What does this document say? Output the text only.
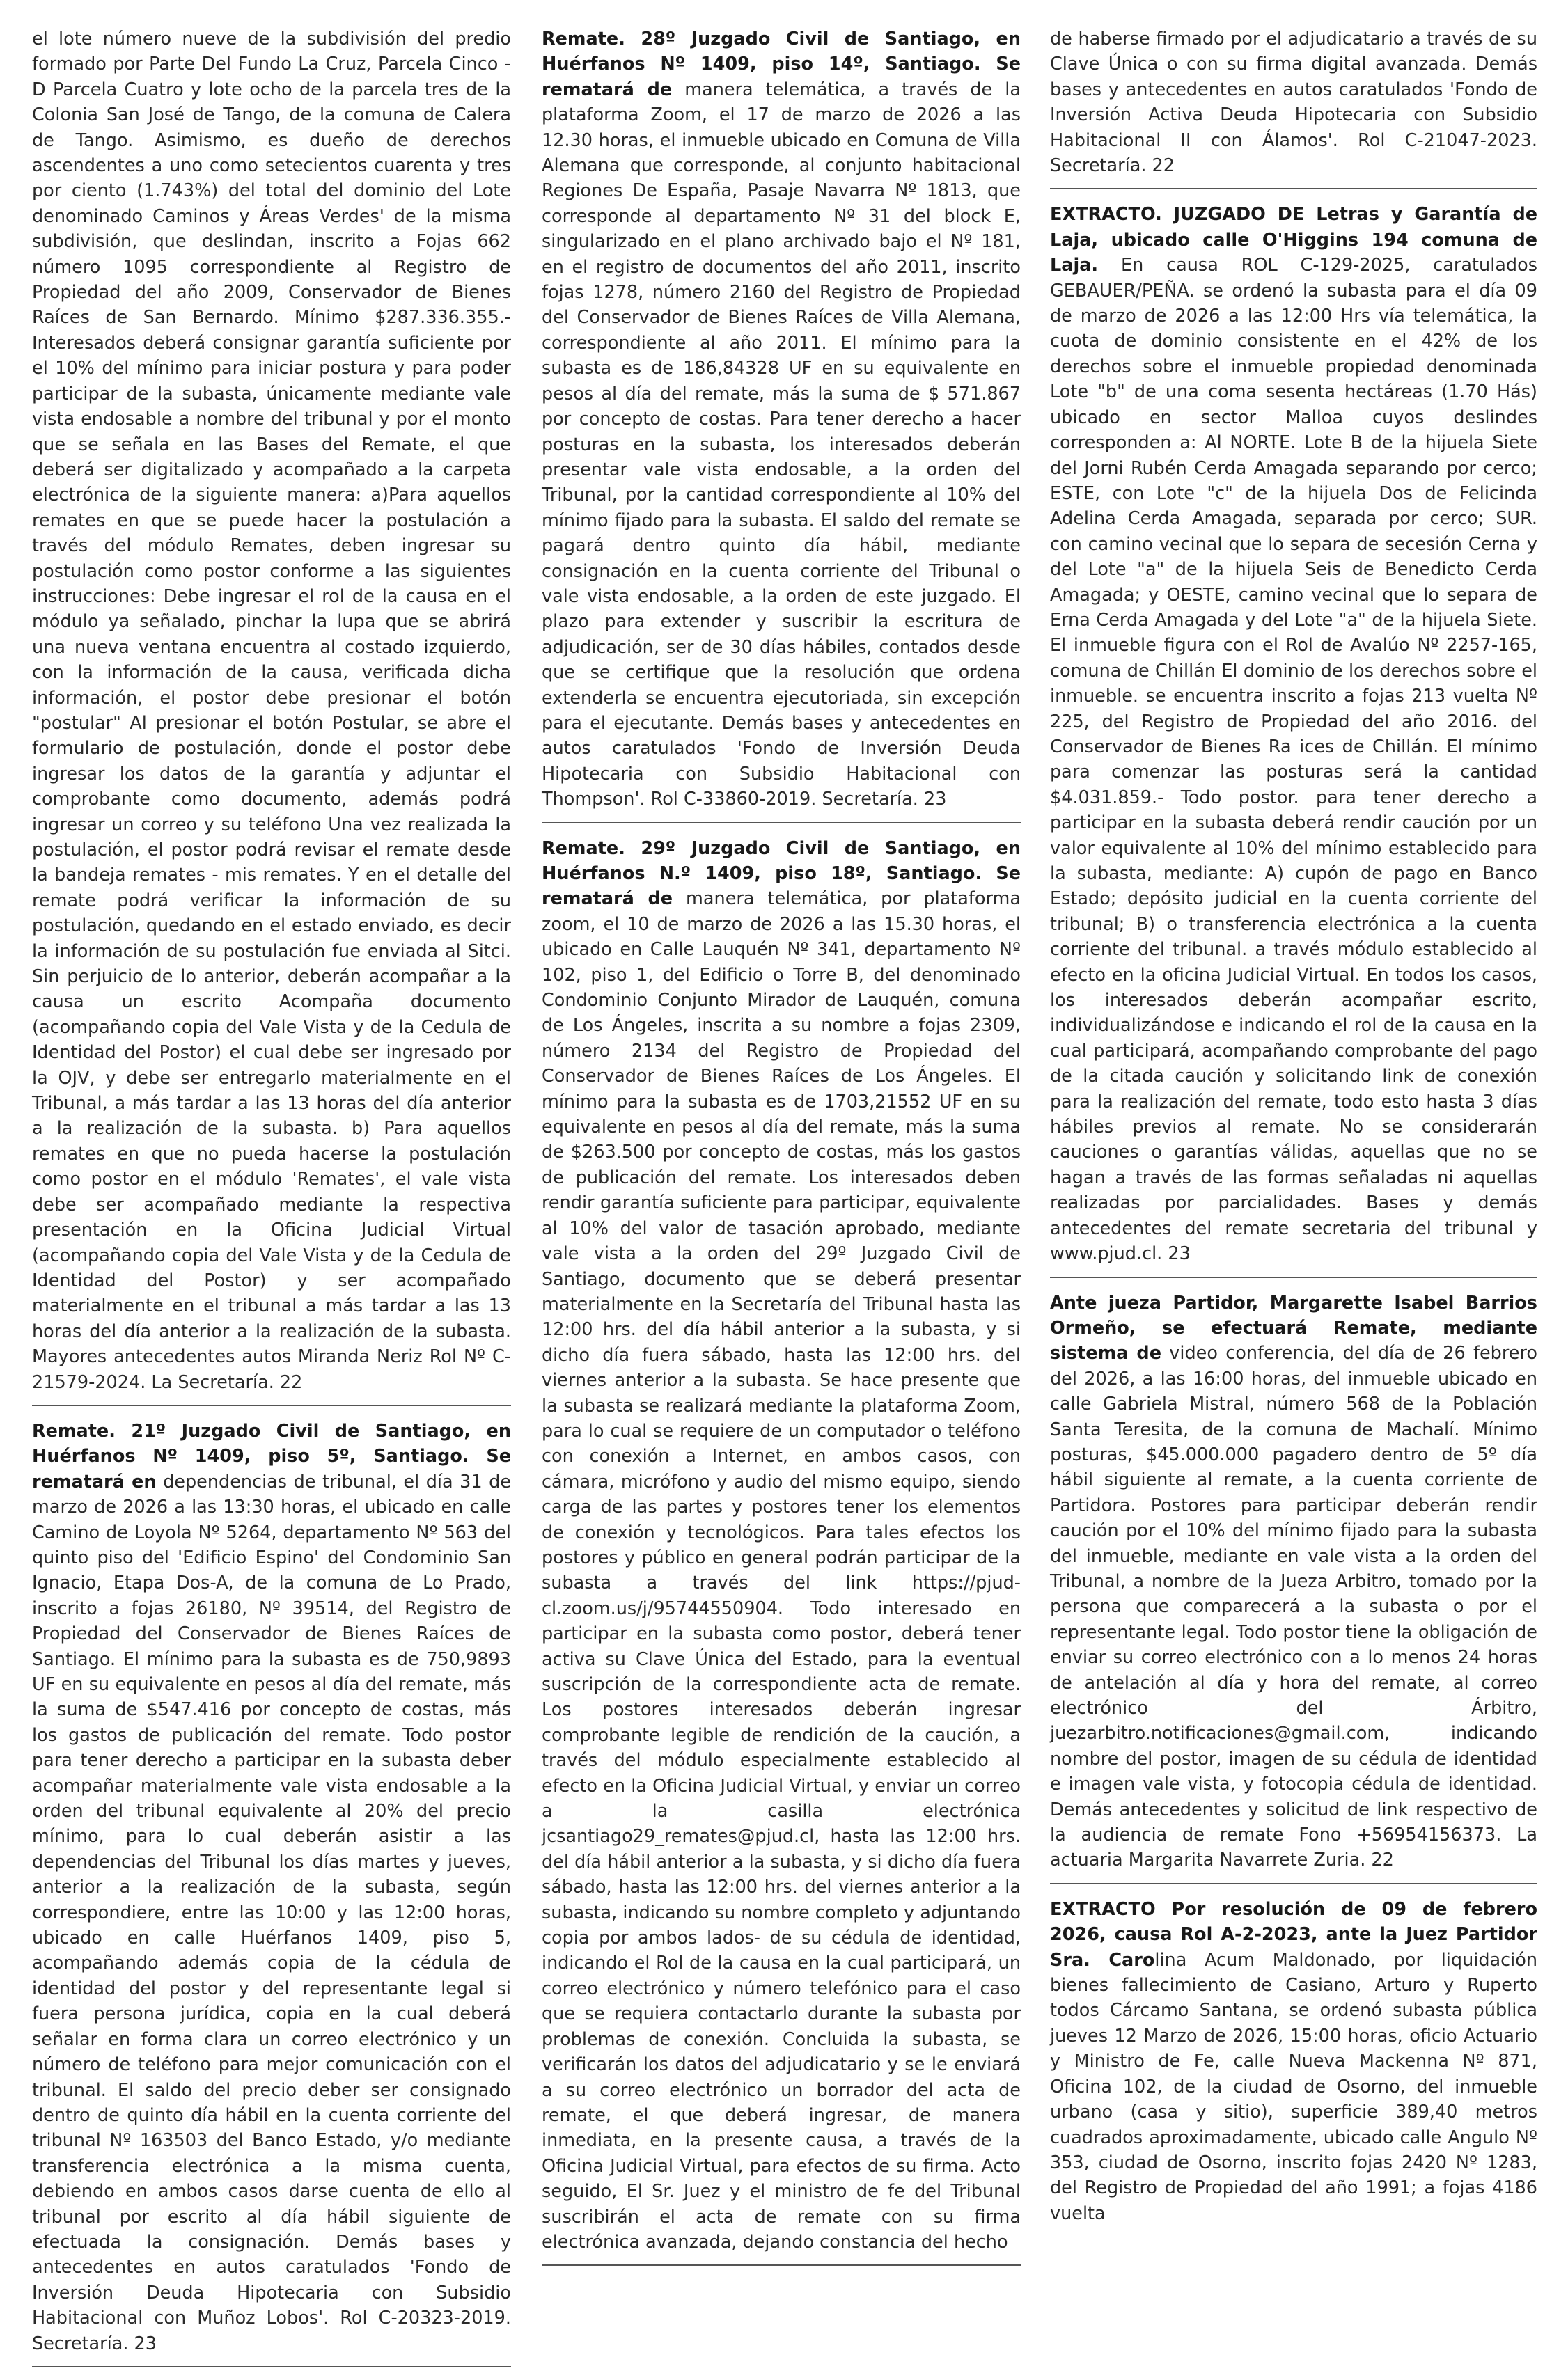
el lote número nueve de la subdivisión del predio formado por Parte Del Fundo La Cruz, Parcela Cinco -D Parcela Cuatro y lote ocho de la parcela tres de la Colonia San José de Tango, de la comuna de Calera de Tango. Asimismo, es dueño de derechos ascendentes a uno como setecientos cuarenta y tres por ciento (1.743%) del total del dominio del Lote denominado Caminos y Áreas Verdes' de la misma subdivisión, que deslindan, inscrito a Fojas 662 número 1095 correspondiente al Registro de Propiedad del año 2009, Conservador de Bienes Raíces de San Bernardo. Mínimo $287.336.355.- Interesados deberá consignar garantía suficiente por el 10% del mínimo para iniciar postura y para poder participar de la subasta, únicamente mediante vale vista endosable a nombre del tribunal y por el monto que se señala en las Bases del Remate, el que deberá ser digitalizado y acompañado a la carpeta electrónica de la siguiente manera: a)Para aquellos remates en que se puede hacer la postulación a través del módulo Remates, deben ingresar su postulación como postor conforme a las siguientes instrucciones: Debe ingresar el rol de la causa en el módulo ya señalado, pinchar la lupa que se abrirá una nueva ventana encuentra al costado izquierdo, con la información de la causa, verificada dicha información, el postor debe presionar el botón "postular" Al presionar el botón Postular, se abre el formulario de postulación, donde el postor debe ingresar los datos de la garantía y adjuntar el comprobante como documento, además podrá ingresar un correo y su teléfono Una vez realizada la postulación, el postor podrá revisar el remate desde la bandeja remates - mis remates. Y en el detalle del remate podrá verificar la información de su postulación, quedando en el estado enviado, es decir la información de su postulación fue enviada al Sitci. Sin perjuicio de lo anterior, deberán acompañar a la causa un escrito Acompaña documento (acompañando copia del Vale Vista y de la Cedula de Identidad del Postor) el cual debe ser ingresado por la OJV, y debe ser entregarlo materialmente en el Tribunal, a más tardar a las 13 horas del día anterior a la realización de la subasta. b) Para aquellos remates en que no pueda hacerse la postulación como postor en el módulo 'Remates', el vale vista debe ser acompañado mediante la respectiva presentación en la Oficina Judicial Virtual (acompañando copia del Vale Vista y de la Cedula de Identidad del Postor) y ser acompañado materialmente en el tribunal a más tardar a las 13 horas del día anterior a la realización de la subasta. Mayores antecedentes autos Miranda Neriz Rol Nº C-21579-2024. La Secretaría. 22

Remate. 21º Juzgado Civil de Santiago, en Huérfanos Nº 1409, piso 5º, Santiago. Se rematará en dependencias de tribunal, el día 31 de marzo de 2026 a las 13:30 horas, el ubicado en calle Camino de Loyola Nº 5264, departamento Nº 563 del quinto piso del 'Edificio Espino' del Condominio San Ignacio, Etapa Dos-A, de la comuna de Lo Prado, inscrito a fojas 26180, Nº 39514, del Registro de Propiedad del Conservador de Bienes Raíces de Santiago. El mínimo para la subasta es de 750,9893 UF en su equivalente en pesos al día del remate, más la suma de $547.416 por concepto de costas, más los gastos de publicación del remate. Todo postor para tener derecho a participar en la subasta deber acompañar materialmente vale vista endosable a la orden del tribunal equivalente al 20% del precio mínimo, para lo cual deberán asistir a las dependencias del Tribunal los días martes y jueves, anterior a la realización de la subasta, según correspondiere, entre las 10:00 y las 12:00 horas, ubicado en calle Huérfanos 1409, piso 5, acompañando además copia de la cédula de identidad del postor y del representante legal si fuera persona jurídica, copia en la cual deberá señalar en forma clara un correo electrónico y un número de teléfono para mejor comunicación con el tribunal. El saldo del precio deber ser consignado dentro de quinto día hábil en la cuenta corriente del tribunal Nº 163503 del Banco Estado, y/o mediante transferencia electrónica a la misma cuenta, debiendo en ambos casos darse cuenta de ello al tribunal por escrito al día hábil siguiente de efectuada la consignación. Demás bases y antecedentes en autos caratulados 'Fondo de Inversión Deuda Hipotecaria con Subsidio Habitacional con Muñoz Lobos'. Rol C-20323-2019. Secretaría. 23

Remate. 28º Juzgado Civil de Santiago, en Huérfanos Nº 1409, piso 14º, Santiago. Se rematará de manera telemática, a través de la plataforma Zoom, el 17 de marzo de 2026 a las 12.30 horas, el inmueble ubicado en Comuna de Villa Alemana que corresponde, al conjunto habitacional Regiones De España, Pasaje Navarra Nº 1813, que corresponde al departamento Nº 31 del block E, singularizado en el plano archivado bajo el Nº 181, en el registro de documentos del año 2011, inscrito fojas 1278, número 2160 del Registro de Propiedad del Conservador de Bienes Raíces de Villa Alemana, correspondiente al año 2011. El mínimo para la subasta es de 186,84328 UF en su equivalente en pesos al día del remate, más la suma de $ 571.867 por concepto de costas. Para tener derecho a hacer posturas en la subasta, los interesados deberán presentar vale vista endosable, a la orden del Tribunal, por la cantidad correspondiente al 10% del mínimo fijado para la subasta. El saldo del remate se pagará dentro quinto día hábil, mediante consignación en la cuenta corriente del Tribunal o vale vista endosable, a la orden de este juzgado. El plazo para extender y suscribir la escritura de adjudicación, ser de 30 días hábiles, contados desde que se certifique que la resolución que ordena extenderla se encuentra ejecutoriada, sin excepción para el ejecutante. Demás bases y antecedentes en autos caratulados 'Fondo de Inversión Deuda Hipotecaria con Subsidio Habitacional con Thompson'. Rol C-33860-2019. Secretaría. 23

Remate. 29º Juzgado Civil de Santiago, en Huérfanos N.º 1409, piso 18º, Santiago. Se rematará de manera telemática, por plataforma zoom, el 10 de marzo de 2026 a las 15.30 horas, el ubicado en Calle Lauquén Nº 341, departamento Nº 102, piso 1, del Edificio o Torre B, del denominado Condominio Conjunto Mirador de Lauquén, comuna de Los Ángeles, inscrita a su nombre a fojas 2309, número 2134 del Registro de Propiedad del Conservador de Bienes Raíces de Los Ángeles. El mínimo para la subasta es de 1703,21552 UF en su equivalente en pesos al día del remate, más la suma de $263.500 por concepto de costas, más los gastos de publicación del remate. Los interesados deben rendir garantía suficiente para participar, equivalente al 10% del valor de tasación aprobado, mediante vale vista a la orden del 29º Juzgado Civil de Santiago, documento que se deberá presentar materialmente en la Secretaría del Tribunal hasta las 12:00 hrs. del día hábil anterior a la subasta, y si dicho día fuera sábado, hasta las 12:00 hrs. del viernes anterior a la subasta. Se hace presente que la subasta se realizará mediante la plataforma Zoom, para lo cual se requiere de un computador o teléfono con conexión a Internet, en ambos casos, con cámara, micrófono y audio del mismo equipo, siendo carga de las partes y postores tener los elementos de conexión y tecnológicos. Para tales efectos los postores y público en general podrán participar de la subasta a través del link https://pjud-cl.zoom.us/j/95744550904. Todo interesado en participar en la subasta como postor, deberá tener activa su Clave Única del Estado, para la eventual suscripción de la correspondiente acta de remate. Los postores interesados deberán ingresar comprobante legible de rendición de la caución, a través del módulo especialmente establecido al efecto en la Oficina Judicial Virtual, y enviar un correo a la casilla electrónica jcsantiago29_remates@pjud.cl, hasta las 12:00 hrs. del día hábil anterior a la subasta, y si dicho día fuera sábado, hasta las 12:00 hrs. del viernes anterior a la subasta, indicando su nombre completo y adjuntando copia por ambos lados- de su cédula de identidad, indicando el Rol de la causa en la cual participará, un correo electrónico y número telefónico para el caso que se requiera contactarlo durante la subasta por problemas de conexión. Concluida la subasta, se verificarán los datos del adjudicatario y se le enviará a su correo electrónico un borrador del acta de remate, el que deberá ingresar, de manera inmediata, en la presente causa, a través de la Oficina Judicial Virtual, para efectos de su firma. Acto seguido, El Sr. Juez y el ministro de fe del Tribunal suscribirán el acta de remate con su firma electrónica avanzada, dejando constancia del hecho

de haberse firmado por el adjudicatario a través de su Clave Única o con su firma digital avanzada. Demás bases y antecedentes en autos caratulados 'Fondo de Inversión Activa Deuda Hipotecaria con Subsidio Habitacional II con Álamos'. Rol C-21047-2023. Secretaría. 22

EXTRACTO. JUZGADO DE Letras y Garantía de Laja, ubicado calle O'Higgins 194 comuna de Laja. En causa ROL C-129-2025, caratulados GEBAUER/PEÑA. se ordenó la subasta para el día 09 de marzo de 2026 a las 12:00 Hrs vía telemática, la cuota de dominio consistente en el 42% de los derechos sobre el inmueble propiedad denominada Lote "b" de una coma sesenta hectáreas (1.70 Hás) ubicado en sector Malloa cuyos deslindes corresponden a: Al NORTE. Lote B de la hijuela Siete del Jorni Rubén Cerda Amagada separando por cerco; ESTE, con Lote "c" de la hijuela Dos de Felicinda Adelina Cerda Amagada, separada por cerco; SUR. con camino vecinal que lo separa de secesión Cerna y del Lote "a" de la hijuela Seis de Benedicto Cerda Amagada; y OESTE, camino vecinal que lo separa de Erna Cerda Amagada y del Lote "a" de la hijuela Siete. El inmueble figura con el Rol de Avalúo Nº 2257-165, comuna de Chillán El dominio de los derechos sobre el inmueble. se encuentra inscrito a fojas 213 vuelta Nº 225, del Registro de Propiedad del año 2016. del Conservador de Bienes Ra ices de Chillán. El mínimo para comenzar las posturas será la cantidad $4.031.859.- Todo postor. para tener derecho a participar en la subasta deberá rendir caución por un valor equivalente al 10% del mínimo establecido para la subasta, mediante: A) cupón de pago en Banco Estado; depósito judicial en la cuenta corriente del tribunal; B) o transferencia electrónica a la cuenta corriente del tribunal. a través módulo establecido al efecto en la oficina Judicial Virtual. En todos los casos, los interesados deberán acompañar escrito, individualizándose e indicando el rol de la causa en la cual participará, acompañando comprobante del pago de la citada caución y solicitando link de conexión para la realización del remate, todo esto hasta 3 días hábiles previos al remate. No se considerarán cauciones o garantías válidas, aquellas que no se hagan a través de las formas señaladas ni aquellas realizadas por parcialidades. Bases y demás antecedentes del remate secretaria del tribunal y www.pjud.cl. 23

Ante jueza Partidor, Margarette Isabel Barrios Ormeño, se efectuará Remate, mediante sistema de video conferencia, del día de 26 febrero del 2026, a las 16:00 horas, del inmueble ubicado en calle Gabriela Mistral, número 568 de la Población Santa Teresita, de la comuna de Machalí. Mínimo posturas, $45.000.000 pagadero dentro de 5º día hábil siguiente al remate, a la cuenta corriente de Partidora. Postores para participar deberán rendir caución por el 10% del mínimo fijado para la subasta del inmueble, mediante en vale vista a la orden del Tribunal, a nombre de la Jueza Arbitro, tomado por la persona que comparecerá a la subasta o por el representante legal. Todo postor tiene la obligación de enviar su correo electrónico con a lo menos 24 horas de antelación al día y hora del remate, al correo electrónico del Árbitro, juezarbitro.notificaciones@gmail.com, indicando nombre del postor, imagen de su cédula de identidad e imagen vale vista, y fotocopia cédula de identidad. Demás antecedentes y solicitud de link respectivo de la audiencia de remate Fono +56954156373. La actuaria Margarita Navarrete Zuria. 22

EXTRACTO Por resolución de 09 de febrero 2026, causa Rol A-2-2023, ante la Juez Partidor Sra. Carolina Acum Maldonado, por liquidación bienes fallecimiento de Casiano, Arturo y Ruperto todos Cárcamo Santana, se ordenó subasta pública jueves 12 Marzo de 2026, 15:00 horas, oficio Actuario y Ministro de Fe, calle Nueva Mackenna Nº 871, Oficina 102, de la ciudad de Osorno, del inmueble urbano (casa y sitio), superficie 389,40 metros cuadrados aproximadamente, ubicado calle Angulo Nº 353, ciudad de Osorno, inscrito fojas 2420 Nº 1283, del Registro de Propiedad del año 1991; a fojas 4186 vuelta
